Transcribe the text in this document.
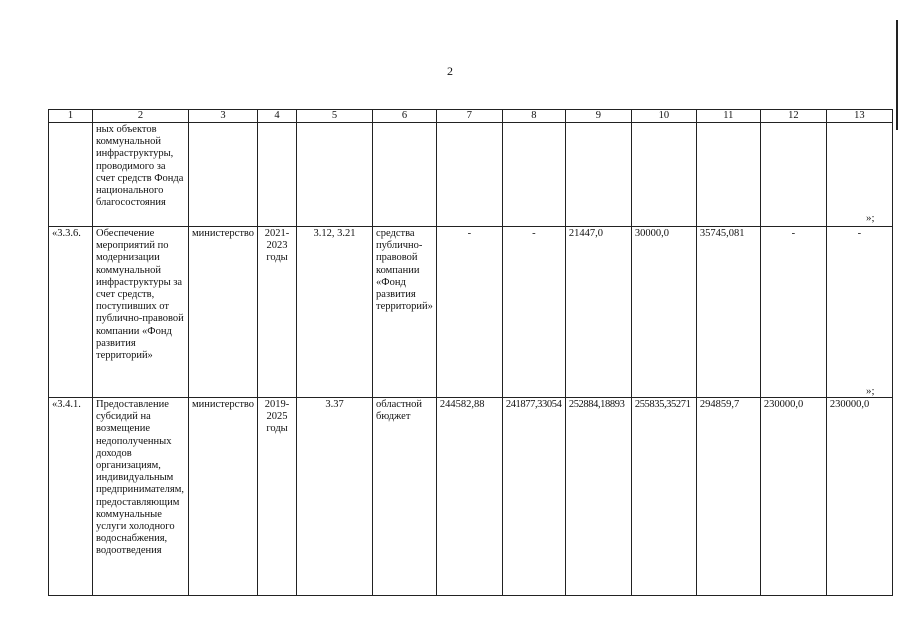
2
1	2	3	4	5	6	7	8	9	10	11	12	13
	ных объектов коммунальной инфраструктуры, проводимого за счет средств Фонда национального благосостояния											
«3.3.6.	Обеспечение мероприятий по модернизации коммунальной инфраструктуры за счет средств, поступивших от публично-правовой компании «Фонд развития территорий»	министерство	2021-2023 годы	3.12, 3.21	средства публично-правовой компании «Фонд развития территорий»	-	-	21447,0	30000,0	35745,081	-	-
«3.4.1.	Предоставление субсидий на возмещение недополученных доходов организациям, индивидуальным предпринимателям, предоставляющим коммунальные услуги холодного водоснабжения, водоотведения	министерство	2019-2025 годы	3.37	областной бюджет	244582,88	241877,33054	252884,18893	255835,35271	294859,7	230000,0	230000,0
»;
»;
